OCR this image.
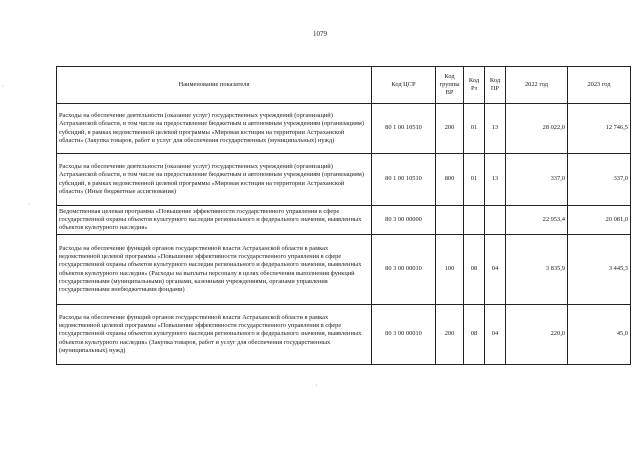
1079
Наименование показателя	Код ЦСР	Код группы ВР	Код Рз	Код ПР	2022 год	2023 год
Расходы на обеспечение деятельности (оказание услуг) государственных учреждений (организаций) Астраханской области, в том числе на предоставление бюджетным и автономным учреждениям (организациям) субсидий, в рамках ведомственной целевой программы «Мировая юстиция на территории Астраханской области» (Закупка товаров, работ и услуг для обеспечения государственных (муниципальных) нужд)	80 1 00 10510	200	01	13	28 022,0	12 746,5
Расходы на обеспечение деятельности (оказание услуг) государственных учреждений (организаций) Астраханской области, в том числе на предоставление бюджетным и автономным учреждениям (организациям) субсидий, в рамках ведомственной целевой программы «Мировая юстиция на территории Астраханской области» (Иные бюджетные ассигнования)	80 1 00 10510	800	01	13	337,0	337,0
Ведомственная целевая программа «Повышение эффективности государственного управления в сфере государственной охраны объектов культурного наследия регионального и федерального значения, выявленных объектов культурного наследия»	80 3 00 00000				22 953,4	20 081,0
Расходы на обеспечение функций органов государственной власти Астраханской области в рамках ведомственной целевой программы «Повышение эффективности государственного управления в сфере государственной охраны объектов культурного наследия регионального и федерального значения, выявленных объектов культурного наследия» (Расходы на выплаты персоналу в целях обеспечения выполнения функций государственными (муниципальными) органами, казенными учреждениями, органами управления государственными внебюджетными фондами)	80 3 00 00010	100	08	04	3 835,9	3 445,3
Расходы на обеспечение функций органов государственной власти Астраханской области в рамках ведомственной целевой программы «Повышение эффективности государственного управления в сфере государственной охраны объектов культурного наследия регионального и федерального значения, выявленных объектов культурного наследия» (Закупка товаров, работ и услуг для обеспечения государственных (муниципальных) нужд)	80 3 00 00010	200	08	04	220,0	45,0
·
·
.
